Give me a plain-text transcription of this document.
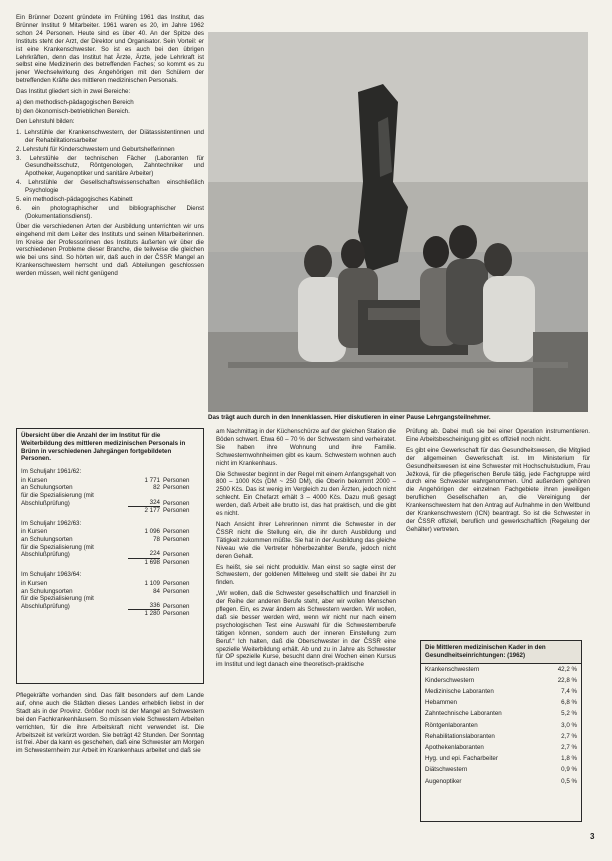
Ein Brünner Dozent gründete im Frühling 1961 das Institut, das Brünner Institut 9 Mitarbeiter. 1961 waren es 20, im Jahre 1962 schon 24 Personen. Heute sind es über 40. An der Spitze des Instituts steht der Arzt, der Direktor und Organisator. Sein Vorteil: er ist eine Krankenschwester. So ist es auch bei den übrigen Lehrkräften, denn das Institut hat Ärzte, Ärzte, jede Lehrkraft ist selbst eine Medizinerin des betreffenden Faches; so kommt es zu jener Wechselwirkung des Angehörigen mit den Schülern der betreffenden Kräfte des mittleren medizinischen Personals.

Das Institut gliedert sich in zwei Bereiche:

a) den methodisch-pädagogischen Bereich
b) den ökonomisch-betrieblichen Bereich.

Den Lehrstuhl bilden:

1. Lehrstühle der Krankenschwestern, der Diätassistentinnen und der Rehabilitationsarbeiter
2. Lehrstuhl für Kinderschwestern und Geburtshelferinnen
3. Lehrstühle der technischen Fächer (Laboranten für Gesundheitsschutz, Röntgenologen, Zahntechniker und Apotheker, Augenoptiker und sanitäre Arbeiter)
4. Lehrstühle der Gesellschaftswissenschaften einschließlich Psychologie
5. ein methodisch-pädagogisches Kabinett
6. ein photographischer und bibliographischer Dienst (Dokumentationsdienst).

Über die verschiedenen Arten der Ausbildung unterrichten wir uns eingehend mit dem Leiter des Instituts und seinen Mitarbeiterinnen. Im Kreise der Professorinnen des Instituts äußerten wir über die verschiedenen Probleme dieser Branche, die teilweise die gleichen wie bei uns sind. So hörten wir, daß auch in der ČSSR Mangel an Krankenschwestern herrscht und daß Abteilungen geschlossen werden müssen, weil nicht genügend

Das trägt auch durch in den Innenklassen. Hier diskutieren in einer Pause Lehrgangsteilnehmer.
Übersicht über die Anzahl der im Institut für die Weiterbildung des mittleren medizinischen Personals in Brünn in verschiedenen Jahrgängen fortgebildeten Personen.
Im Schuljahr 1961/62:
in Kursen	1 771 Personen
an Schulungsorten	82 Personen
für die Spezialisierung (mit Abschlußprüfung)	324 Personen
2 177 Personen
Im Schuljahr 1962/63:
in Kursen	1 096 Personen
an Schulungsorten	78 Personen
für die Spezialisierung (mit Abschlußprüfung)	224 Personen
1 698 Personen
Im Schuljahr 1963/64:
in Kursen	1 109 Personen
an Schulungsorten	84 Personen
für die Spezialisierung (mit Abschlußprüfung)	336 Personen
1 280 Personen

Pflegekräfte vorhanden sind. Das fällt besonders auf dem Lande auf, ohne auch die Städten dieses Landes erheblich liebst in der Stadt als in der Provinz. Größer noch ist der Mangel an Schwestern bei den Fachkrankenhäusern. So müssen viele Schwestern Arbeiten verrichten, für die ihre Arbeitskraft nicht verwendet ist. Die Arbeitszeit ist verkürzt worden. Sie beträgt 42 Stunden. Der Sonntag ist frei. Aber da kann es geschehen, daß eine Schwester am Morgen im Schwesternheim zur Arbeit im Krankenhaus arbeitet und daß sie

am Nachmittag in der Küchenschürze auf der gleichen Station die Böden schwert. Etwa 60 – 70 % der Schwestern sind verheiratet. Sie haben ihre Wohnung und ihre Familie. Schwesternwohnheimen gibt es kaum. Schwestern wohnen auch nicht im Krankenhaus.

Die Schwester beginnt in der Regel mit einem Anfangsgehalt von 800 – 1000 Kčs (DM ~ 250 DM), die Oberin bekommt 2000 – 2500 Kčs. Das ist wenig im Vergleich zu den Ärzten, jedoch nicht schlecht. Ein Chefarzt erhält 3 – 4000 Kčs. Dazu muß gesagt werden, daß Arbeit alle brutto ist, das hat praktisch, und die gibt es nicht.

Nach Ansicht ihrer Lehrerinnen nimmt die Schwester in der ČSSR nicht die Stellung ein, die ihr durch Ausbildung und Tätigkeit zukommen müßte. Sie hat in der Ausbildung das gleiche Niveau wie die Vertreter höherbezahlter Berufe, jedoch nicht deren Gehalt.

Es heißt, sie sei nicht produktiv. Man einst so sagte einst der Schwestern, der goldenen Mittelweg und stellt sie dabei ihr zu finden.

„Wir wollen, daß die Schwester gesellschaftlich und finanziell in der Reihe der anderen Berufe steht, aber wir wollen Menschen pflegen. Ein, es zwar ändern als Schwestern werden. Wir wollen, daß sie besser werden wird, wenn wir nicht nur nach einem psychologischen Test eine Auswahl für die Schwesternberufe tätigen können, sondern auch der inneren Einstellung zum Beruf.“ Ich halten, daß die Oberschwester in der ČSSR eine spezielle Weiterbildung erhält. Ab und zu in Jahre als Schwester für OP spezielle Kurse, besucht dann drei Wochen einen Kursus im Institut und legt danach eine theoretisch-praktische

Prüfung ab. Dabei muß sie bei einer Operation instrumentieren. Eine Arbeitsbescheinigung gibt es offiziell noch nicht.

Es gibt eine Gewerkschaft für das Gesundheitswesen, die Mitglied der allgemeinen Gewerkschaft ist. Im Ministerium für Gesundheitswesen ist eine Schwester mit Hochschulstudium, Frau Ježková, für die pflegerischen Berufe tätig, jede Fachgruppe wird durch eine Schwester wahrgenommen. Und außerdem gehören die Angehörigen der einzelnen Fachgebiete ihren jeweiligen beruflichen Gesellschaften an, die Vereinigung der Krankenschwestern hat den Antrag auf Aufnahme in den Weltbund der Krankenschwestern (ICN) beantragt. So ist die Schwester in der ČSSR offiziell, beruflich und gewerkschaftlich (Regelung der Gehälter) vertreten.

Die Mittleren medizinischen Kader in den Gesundheitseinrichtungen: (1962)
Krankenschwestern	42,2 %
Kinderschwestern	22,8 %
Medizinische Laboranten	7,4 %
Hebammen	6,8 %
Zahntechnische Laboranten	5,2 %
Röntgenlaboranten	3,0 %
Rehabilitationslaboranten	2,7 %
Apothekenlaboranten	2,7 %
Hyg. und epi. Facharbeiter	1,8 %
Diätschwestern	0,9 %
Augenoptiker	0,5 %
3
